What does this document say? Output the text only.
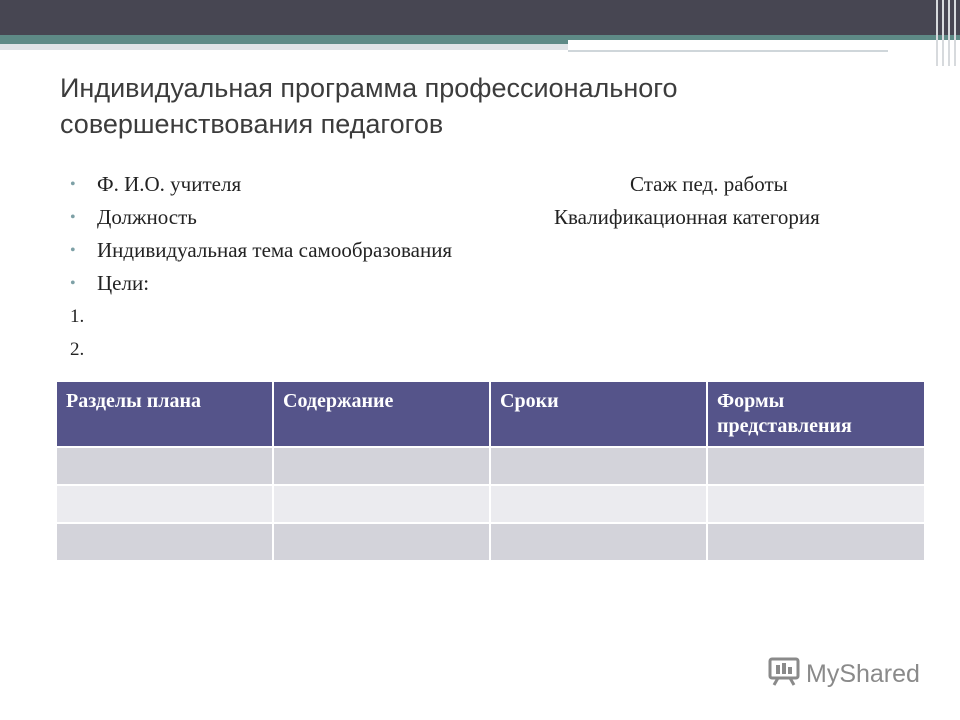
Индивидуальная программа профессионального совершенствования педагогов
• Ф. И.О. учителя	Стаж пед. работы
• Должность	Квалификационная категория
• Индивидуальная тема самообразования
• Цели:
1.
2.
Разделы плана	Содержание	Сроки	Формы представления

MyShared
